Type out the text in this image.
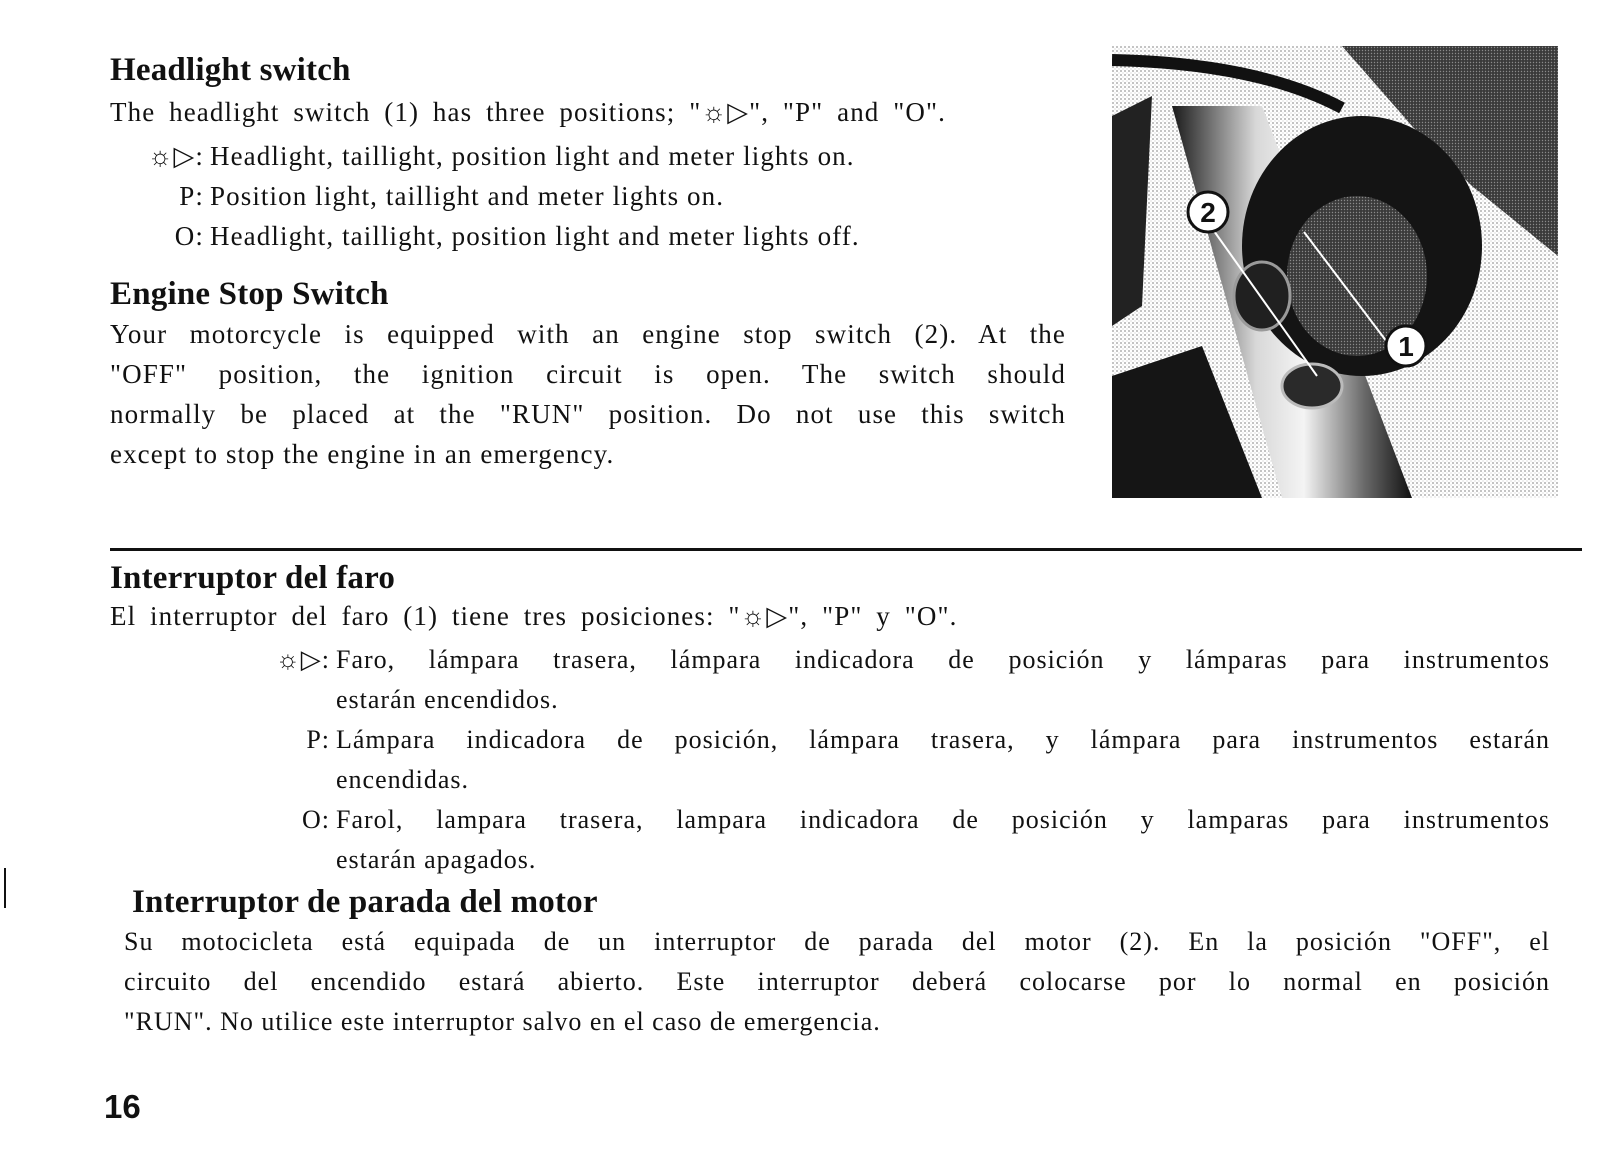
Headlight switch
The headlight switch (1) has three positions; "☼▷", "P" and "O".
☼▷: Headlight, taillight, position light and meter lights on.
P: Position light, taillight and meter lights on.
O: Headlight, taillight, position light and meter lights off.
Engine Stop Switch
Your motorcycle is equipped with an engine stop switch (2). At the
"OFF" position, the ignition circuit is open. The switch should
normally be placed at the "RUN" position. Do not use this switch
except to stop the engine in an emergency.
2
1
Interruptor del faro
El interruptor del faro (1) tiene tres posiciones: "☼▷", "P" y "O".
☼▷: Faro, lámpara trasera, lámpara indicadora de posición y lámparas para instrumentos
estarán encendidos.
P: Lámpara indicadora de posición, lámpara trasera, y lámpara para instrumentos estarán
encendidas.
O: Farol, lampara trasera, lampara indicadora de posición y lamparas para instrumentos
estarán apagados.
Interruptor de parada del motor
Su motocicleta está equipada de un interruptor de parada del motor (2). En la posición "OFF", el
circuito del encendido estará abierto. Este interruptor deberá colocarse por lo normal en posición
"RUN". No utilice este interruptor salvo en el caso de emergencia.
16
